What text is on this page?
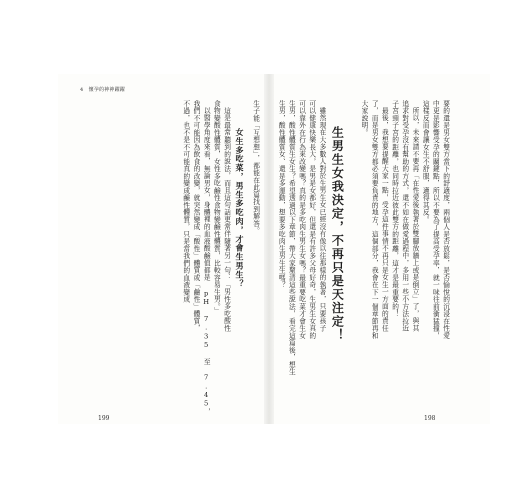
4　懷孕的神神躍躍
199	198
要的還是男女雙方當下的舒適度，兩個人是否放鬆，是否愉悅的沉浸在性愛
中更是影響受孕的關鍵點，所以不要為了提高受孕率，就一味往前衝猛撞，
這樣反而會讓女生不舒服，適得其反。
所以，未來請不要再「在性愛後執著於雙腳放牆上或是倒立」了，與其
追求對受孕沒有幫助的方式，還不如在做愛過程中，多用一些小方法拉近
子宮頸子宮的距離，也同時拉近彼此雙方的距離，這才是最重要的！
最後，我想要提醒大家一點，受孕這件事情不再只是女生一方面的責任
了，而是男女雙方都必須要負責的地方，這個部分，我會在下一個章節再和
大家說明。
生男生女我決定，不再只是天注定！
雖然現在大多數人對於生男生女已經沒有像以往那樣的執著，只要孩子
可以健康快樂長大，是男是女都好，但還是有許多父母好奇，生男生女真的
可以靠外在行為來改變嗎？真的是多吃肉生男生女嗎？最重要吃菜才會生女
生男，酸性體質生女生？希望透過以下章節，帶大家釐清這些說法，看完這篇後，想生
生男，酸性體質女、還是多運動，想要多吃肉生男生生嗎？
生子能「互想想」，都能在此篇找到解答。
女生多吃菜，男生多吃肉，才會生男生？
這是最常聽到的說法，而且這句話更常伴隨著另一句：「男性多吃酸性
食物變酸性體質，女性多吃鹼性食物變鹼性體質，比較容易生男。」
以醫學角度來看，無論男女，身體裡的血液酸鹼值都是 pH 7.35 至 7.45，
我們不可能因為飲食的改變，就突然變成「酸性」體質或「鹼性」體質，
不過，也不是不可能真的變成鹼性體質，只是當我們的血液變成
